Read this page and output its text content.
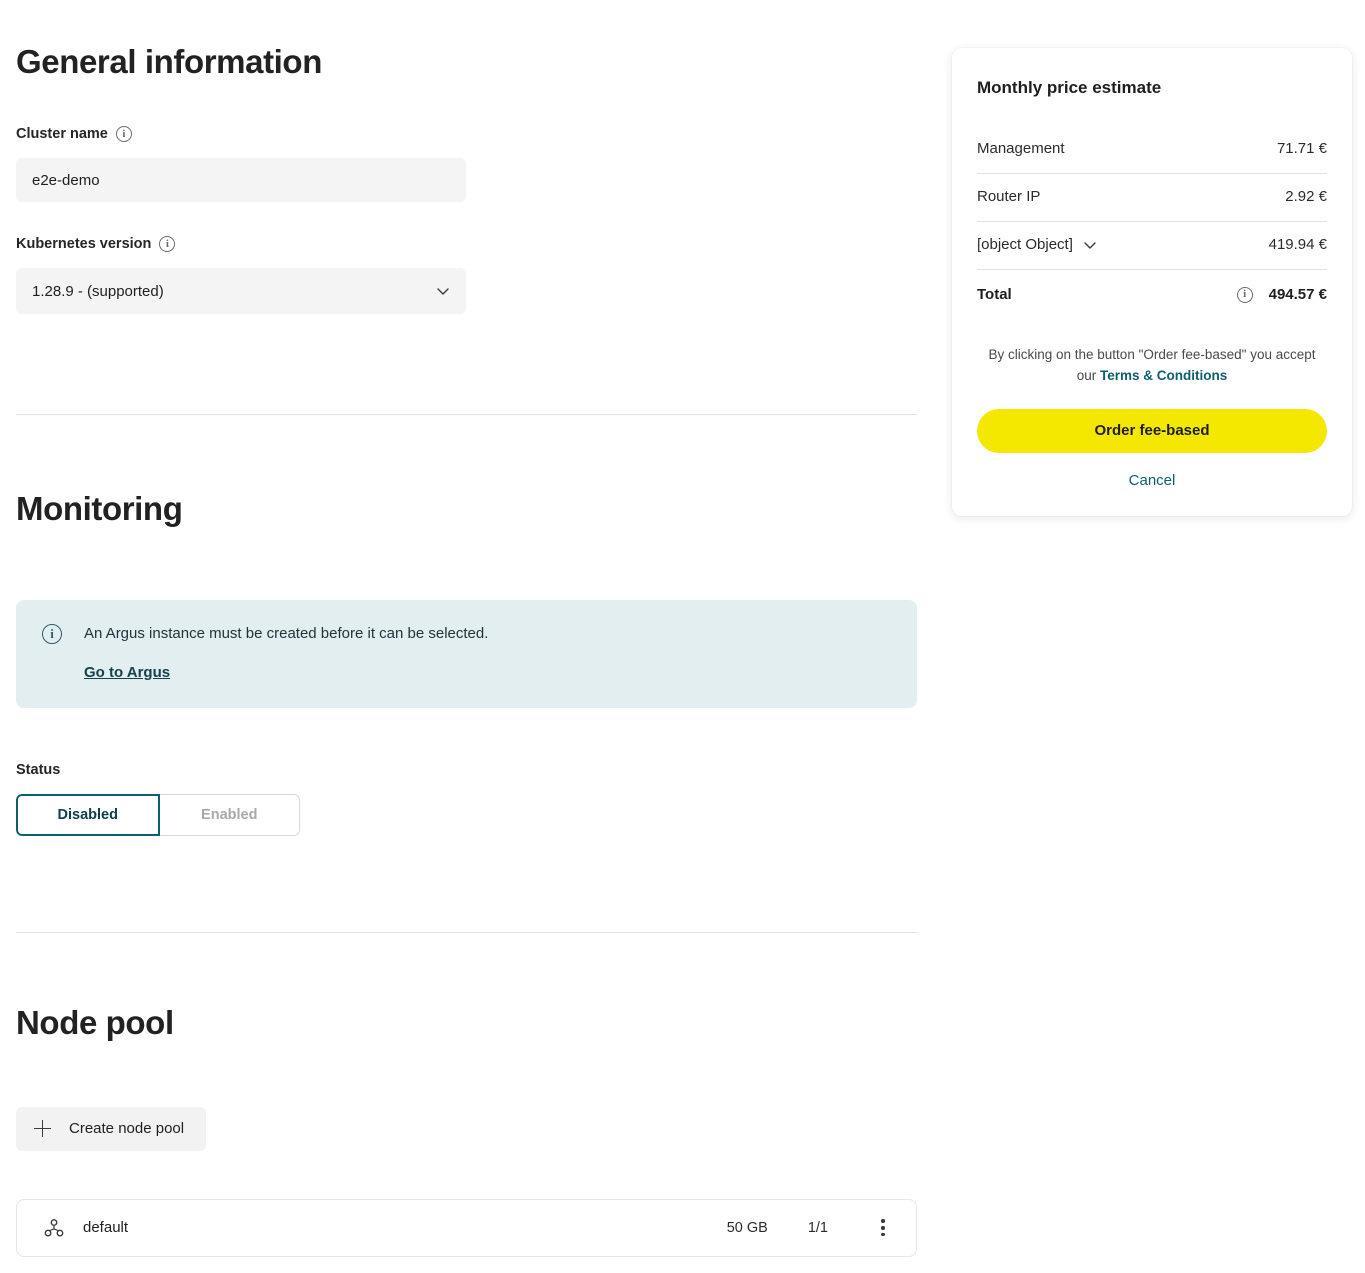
General information
Cluster name	i
e2e-demo
Kubernetes version	i
1.28.9 - (supported)
Monitoring
i	An Argus instance must be created before it can be selected.
Go to Argus
Status
Disabled	Enabled
Node pool
Create node pool
default	50 GB	1/1
Monthly price estimate
Management	71.71 €
Router IP	2.92 €
[object Object]	419.94 €
Total	i	494.57 €
By clicking on the button "Order fee-based" you accept our Terms & Conditions
Order fee-based
Cancel
